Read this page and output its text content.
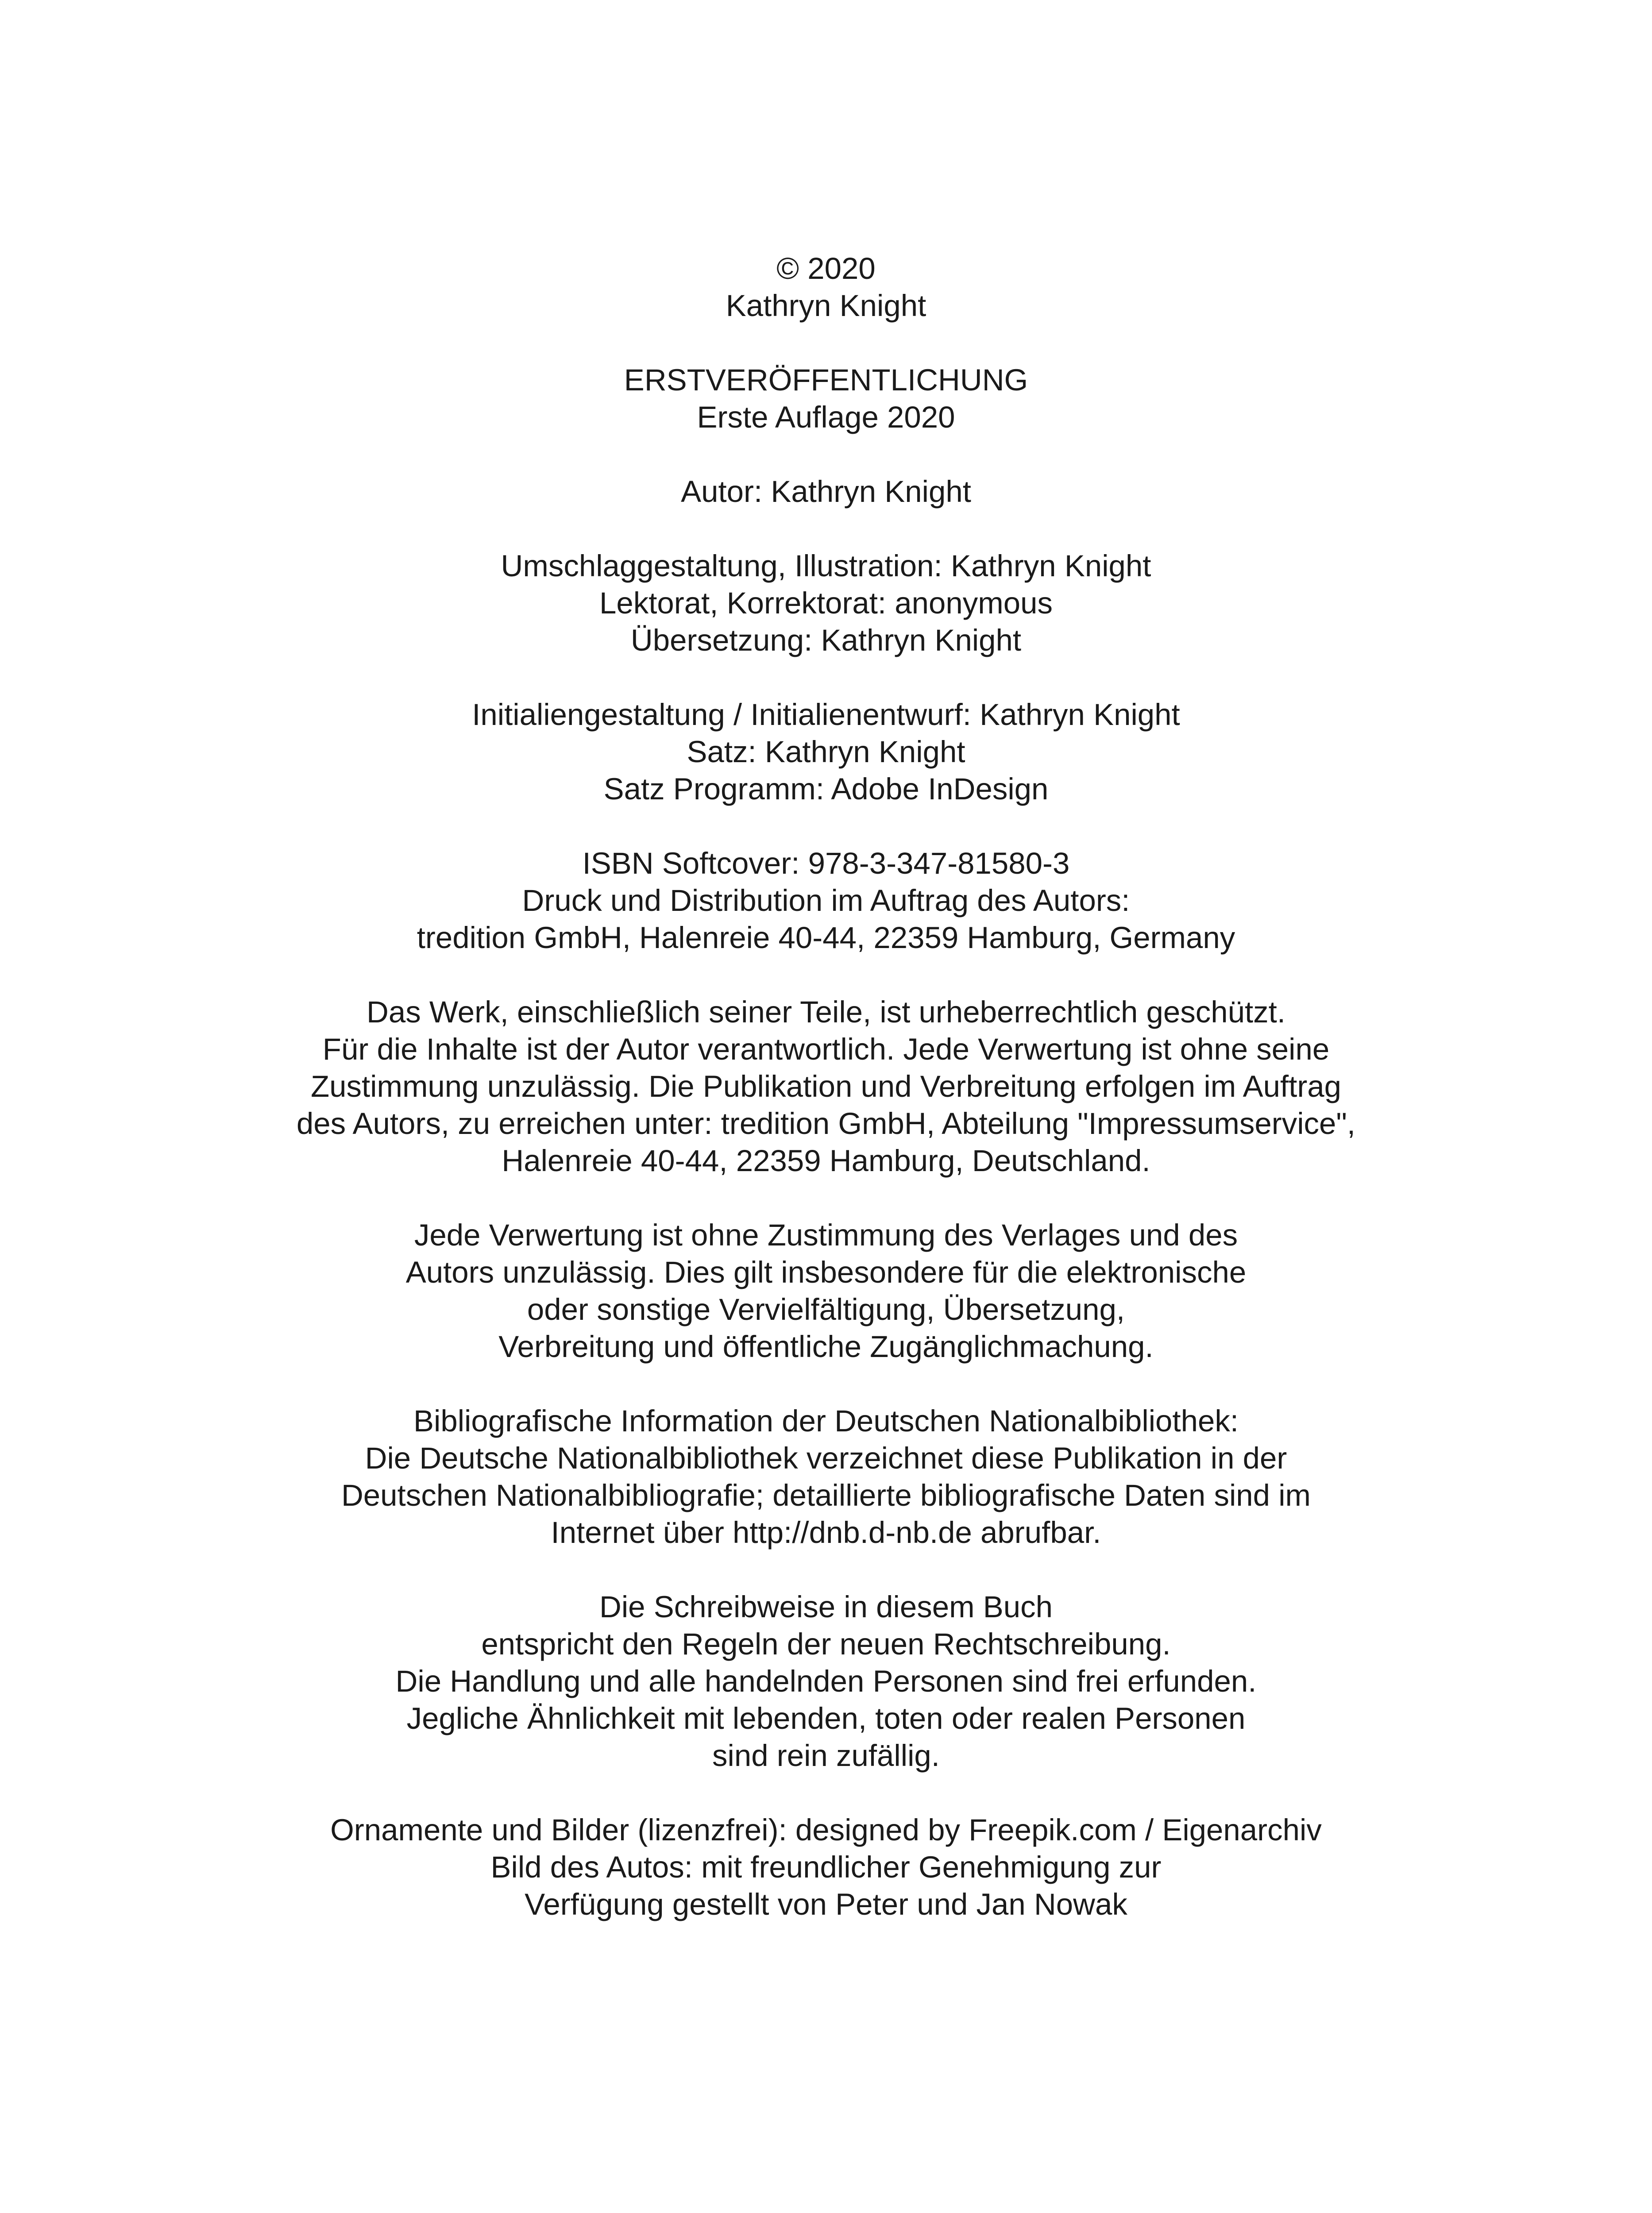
© 2020
Kathryn Knight
ERSTVERÖFFENTLICHUNG
Erste Auflage 2020
Autor: Kathryn Knight
Umschlaggestaltung, Illustration: Kathryn Knight
Lektorat, Korrektorat: anonymous
Übersetzung: Kathryn Knight
Initialiengestaltung / Initialienentwurf: Kathryn Knight
Satz: Kathryn Knight
Satz Programm: Adobe InDesign
ISBN Softcover: 978-3-347-81580-3
Druck und Distribution im Auftrag des Autors:
tredition GmbH, Halenreie 40-44, 22359 Hamburg, Germany
Das Werk, einschließlich seiner Teile, ist urheberrechtlich geschützt.
Für die Inhalte ist der Autor verantwortlich. Jede Verwertung ist ohne seine
Zustimmung unzulässig. Die Publikation und Verbreitung erfolgen im Auftrag
des Autors, zu erreichen unter: tredition GmbH, Abteilung "Impressumservice",
Halenreie 40-44, 22359 Hamburg, Deutschland.
Jede Verwertung ist ohne Zustimmung des Verlages und des
Autors unzulässig. Dies gilt insbesondere für die elektronische
oder sonstige Vervielfältigung, Übersetzung,
Verbreitung und öffentliche Zugänglichmachung.
Bibliografische Information der Deutschen Nationalbibliothek:
Die Deutsche Nationalbibliothek verzeichnet diese Publikation in der
Deutschen Nationalbibliografie; detaillierte bibliografische Daten sind im
Internet über http://dnb.d-nb.de abrufbar.
Die Schreibweise in diesem Buch
entspricht den Regeln der neuen Rechtschreibung.
Die Handlung und alle handelnden Personen sind frei erfunden.
Jegliche Ähnlichkeit mit lebenden, toten oder realen Personen
sind rein zufällig.
Ornamente und Bilder (lizenzfrei): designed by Freepik.com / Eigenarchiv
Bild des Autos: mit freundlicher Genehmigung zur
Verfügung gestellt von Peter und Jan Nowak
